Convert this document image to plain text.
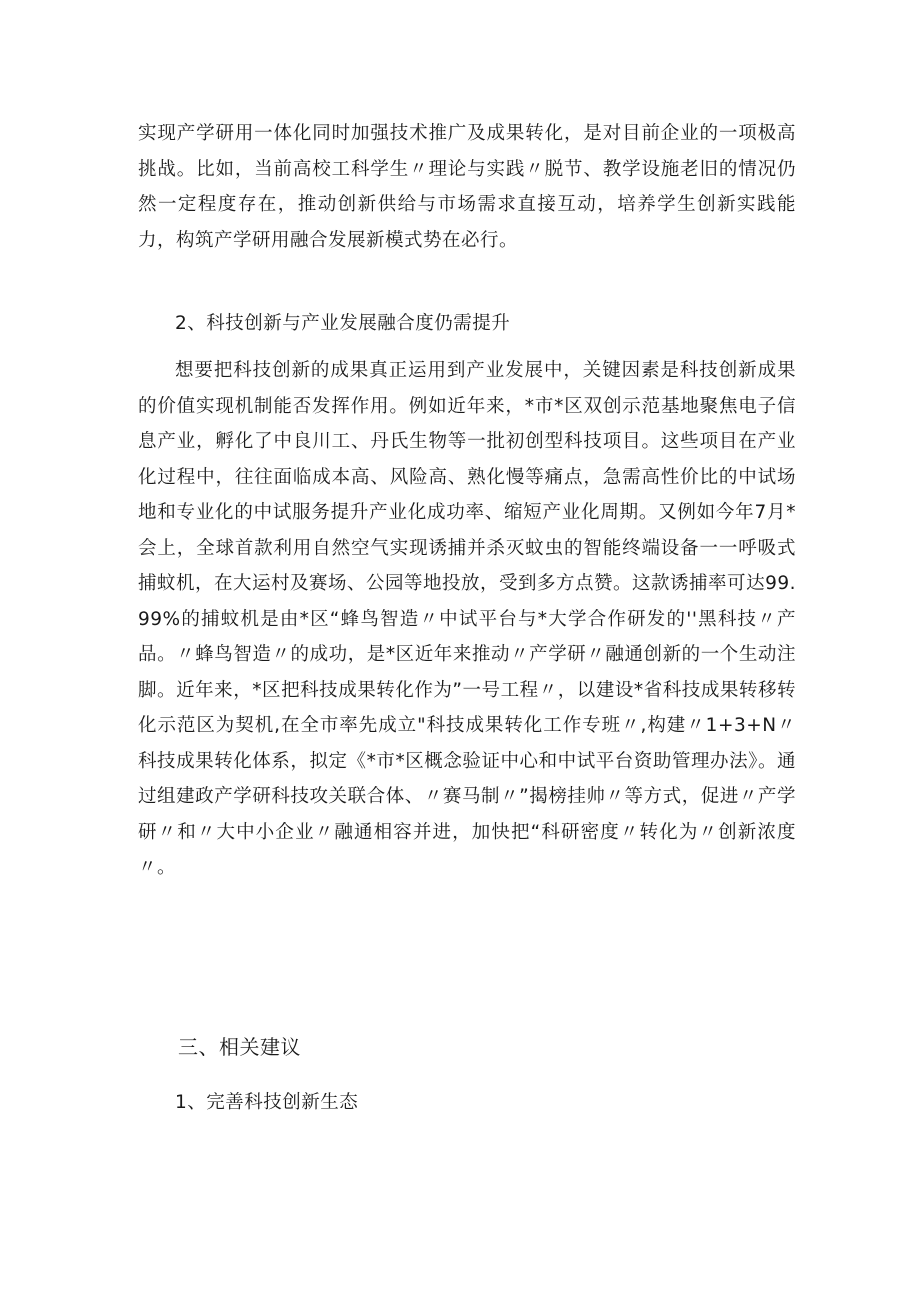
实现产学研用一体化同时加强技术推广及成果转化，是对目前企业的一项极高挑战。比如，当前高校工科学生〃理论与实践〃脱节、教学设施老旧的情况仍然一定程度存在，推动创新供给与市场需求直接互动，培养学生创新实践能力，构筑产学研用融合发展新模式势在必行。

2、科技创新与产业发展融合度仍需提升

想要把科技创新的成果真正运用到产业发展中，关键因素是科技创新成果的价值实现机制能否发挥作用。例如近年来，*市*区双创示范基地聚焦电子信息产业，孵化了中良川工、丹氏生物等一批初创型科技项目。这些项目在产业化过程中，往往面临成本高、风险高、熟化慢等痛点，急需高性价比的中试场地和专业化的中试服务提升产业化成功率、缩短产业化周期。又例如今年7月*会上，全球首款利用自然空气实现诱捕并杀灭蚊虫的智能终端设备一一呼吸式捕蚊机，在大运村及赛场、公园等地投放，受到多方点赞。这款诱捕率可达99.99%的捕蚊机是由*区“蜂鸟智造〃中试平台与*大学合作研发的''黑科技〃产品。〃蜂鸟智造〃的成功，是*区近年来推动〃产学研〃融通创新的一个生动注脚。近年来，*区把科技成果转化作为”一号工程〃，以建设*省科技成果转移转化示范区为契机,在全市率先成立"科技成果转化工作专班〃,构建〃1+3+N〃科技成果转化体系，拟定《*市*区概念验证中心和中试平台资助管理办法》。通过组建政产学研科技攻关联合体、〃赛马制〃”揭榜挂帅〃等方式，促进〃产学研〃和〃大中小企业〃融通相容并进，加快把“科研密度〃转化为〃创新浓度〃。

三、相关建议

1、完善科技创新生态
